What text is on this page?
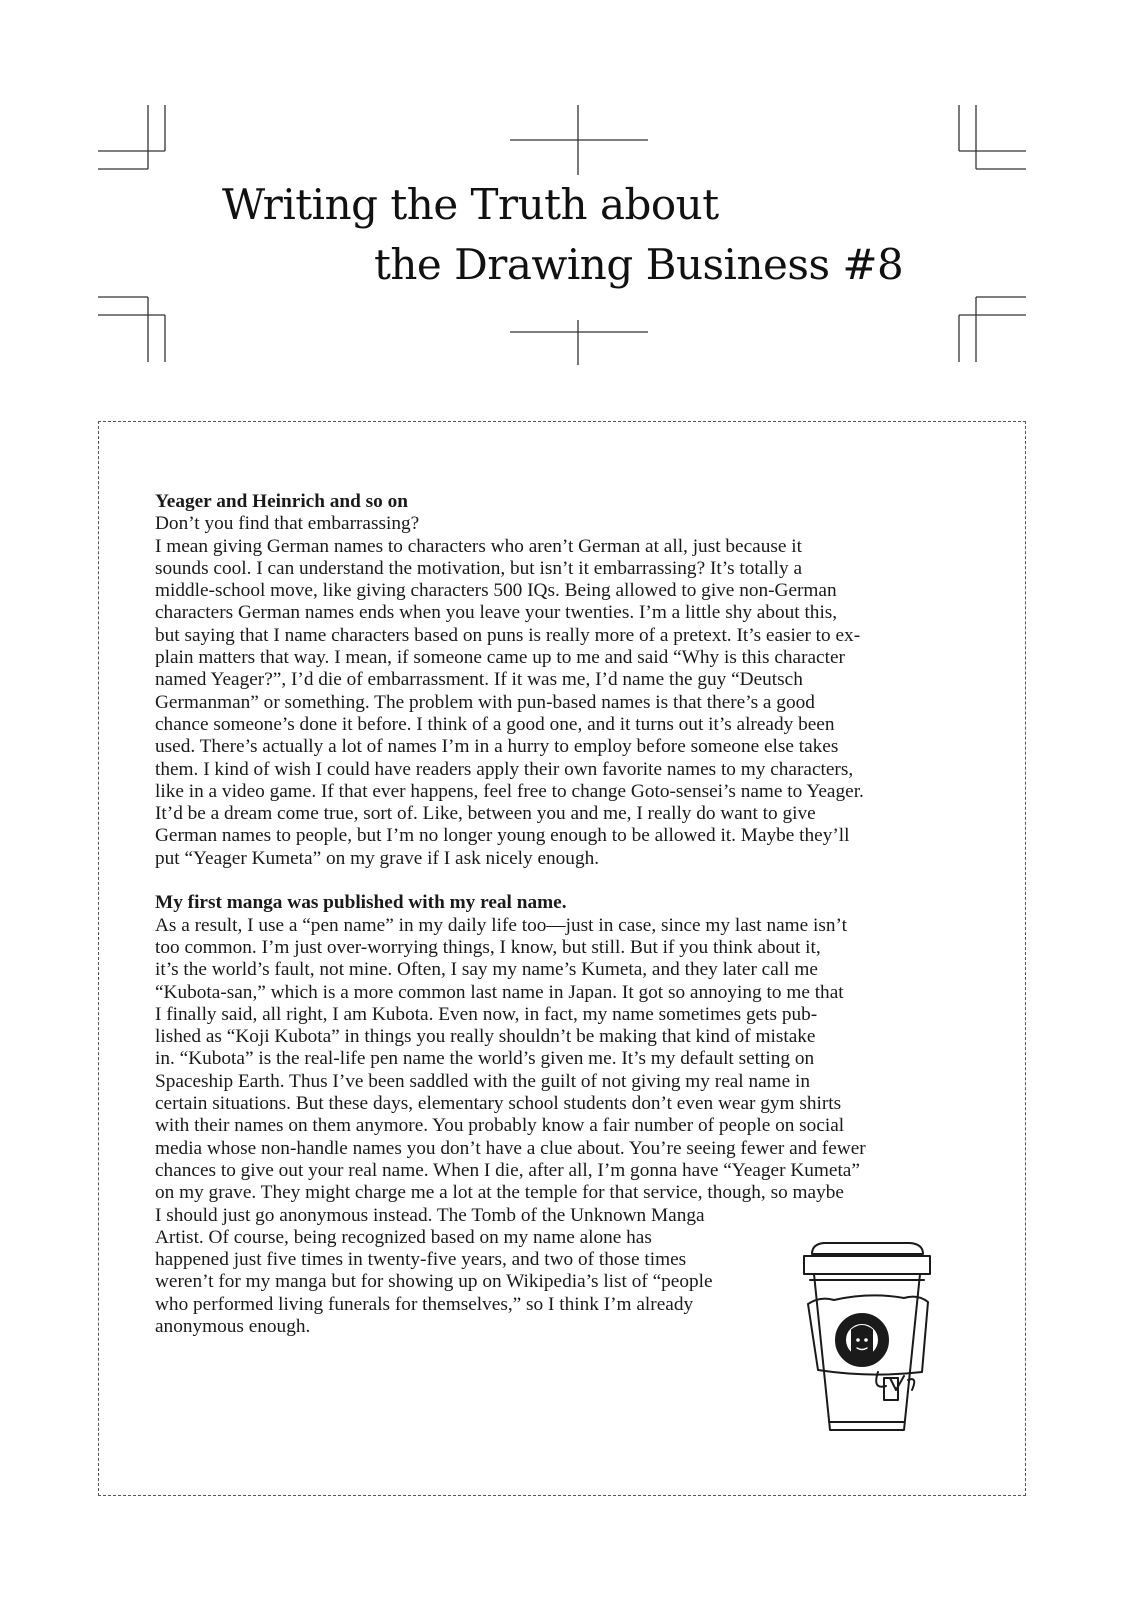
Writing the Truth about
the Drawing Business #8
Yeager and Heinrich and so on

Don’t you find that embarrassing?
I mean giving German names to characters who aren’t German at all, just because it
sounds cool. I can understand the motivation, but isn’t it embarrassing? It’s totally a
middle-school move, like giving characters 500 IQs. Being allowed to give non-German
characters German names ends when you leave your twenties. I’m a little shy about this,
but saying that I name characters based on puns is really more of a pretext. It’s easier to ex-
plain matters that way. I mean, if someone came up to me and said “Why is this character
named Yeager?”, I’d die of embarrassment. If it was me, I’d name the guy “Deutsch
Germanman” or something. The problem with pun-based names is that there’s a good
chance someone’s done it before. I think of a good one, and it turns out it’s already been
used. There’s actually a lot of names I’m in a hurry to employ before someone else takes
them. I kind of wish I could have readers apply their own favorite names to my characters,
like in a video game. If that ever happens, feel free to change Goto-sensei’s name to Yeager.
It’d be a dream come true, sort of. Like, between you and me, I really do want to give
German names to people, but I’m no longer young enough to be allowed it. Maybe they’ll
put “Yeager Kumeta” on my grave if I ask nicely enough.

My first manga was published with my real name.

As a result, I use a “pen name” in my daily life too—just in case, since my last name isn’t
too common. I’m just over-worrying things, I know, but still. But if you think about it,
it’s the world’s fault, not mine. Often, I say my name’s Kumeta, and they later call me
“Kubota-san,” which is a more common last name in Japan. It got so annoying to me that
I finally said, all right, I am Kubota. Even now, in fact, my name sometimes gets pub-
lished as “Koji Kubota” in things you really shouldn’t be making that kind of mistake
in. “Kubota” is the real-life pen name the world’s given me. It’s my default setting on
Spaceship Earth. Thus I’ve been saddled with the guilt of not giving my real name in
certain situations. But these days, elementary school students don’t even wear gym shirts
with their names on them anymore. You probably know a fair number of people on social
media whose non-handle names you don’t have a clue about. You’re seeing fewer and fewer
chances to give out your real name. When I die, after all, I’m gonna have “Yeager Kumeta”
on my grave. They might charge me a lot at the temple for that service, though, so maybe
I should just go anonymous instead. The Tomb of the Unknown Manga
Artist. Of course, being recognized based on my name alone has
happened just five times in twenty-five years, and two of those times
weren’t for my manga but for showing up on Wikipedia’s list of “people
who performed living funerals for themselves,” so I think I’m already
anonymous enough.
